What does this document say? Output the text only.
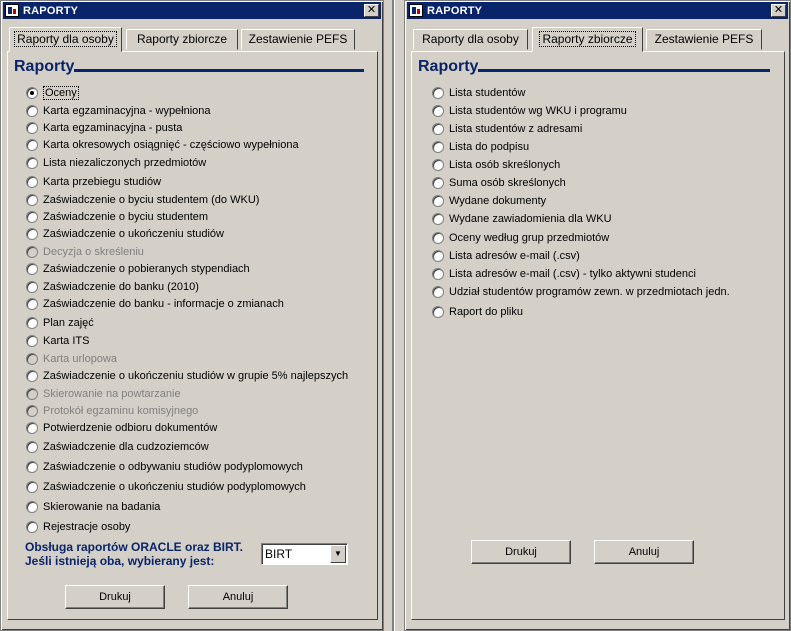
RAPORTY	✕
Raporty dla osoby	Raporty zbiorcze	Zestawienie PEFS
Raporty
Oceny
Karta egzaminacyjna - wypełniona
Karta egzaminacyjna - pusta
Karta okresowych osiągnięć - częściowo wypełniona
Lista niezaliczonych przedmiotów
Karta przebiegu studiów
Zaświadczenie o byciu studentem (do WKU)
Zaświadczenie o byciu studentem
Zaświadczenie o ukończeniu studiów
Decyzja o skreśleniu
Zaświadczenie o pobieranych stypendiach
Zaświadczenie do banku (2010)
Zaświadczenie do banku - informacje o zmianach
Plan zajęć
Karta ITS
Karta urlopowa
Zaświadczenie o ukończeniu studiów w grupie 5% najlepszych
Skierowanie na powtarzanie
Protokół egzaminu komisyjnego
Potwierdzenie odbioru dokumentów
Zaświadczenie dla cudzoziemców
Zaświadczenie o odbywaniu studiów podyplomowych
Zaświadczenie o ukończeniu studiów podyplomowych
Skierowanie na badania
Rejestracje osoby
Obsługa raportów ORACLE oraz BIRT.
Jeśli istnieją oba, wybierany jest:	BIRT	▼
Drukuj	Anuluj
RAPORTY	✕
Raporty dla osoby	Raporty zbiorcze	Zestawienie PEFS
Raporty
Lista studentów
Lista studentów wg WKU i programu
Lista studentów z adresami
Lista do podpisu
Lista osób skreślonych
Suma osób skreślonych
Wydane dokumenty
Wydane zawiadomienia dla WKU
Oceny według grup przedmiotów
Lista adresów e-mail (.csv)
Lista adresów e-mail (.csv) - tylko aktywni studenci
Udział studentów programów zewn. w przedmiotach jedn.
Raport do pliku
Drukuj	Anuluj
